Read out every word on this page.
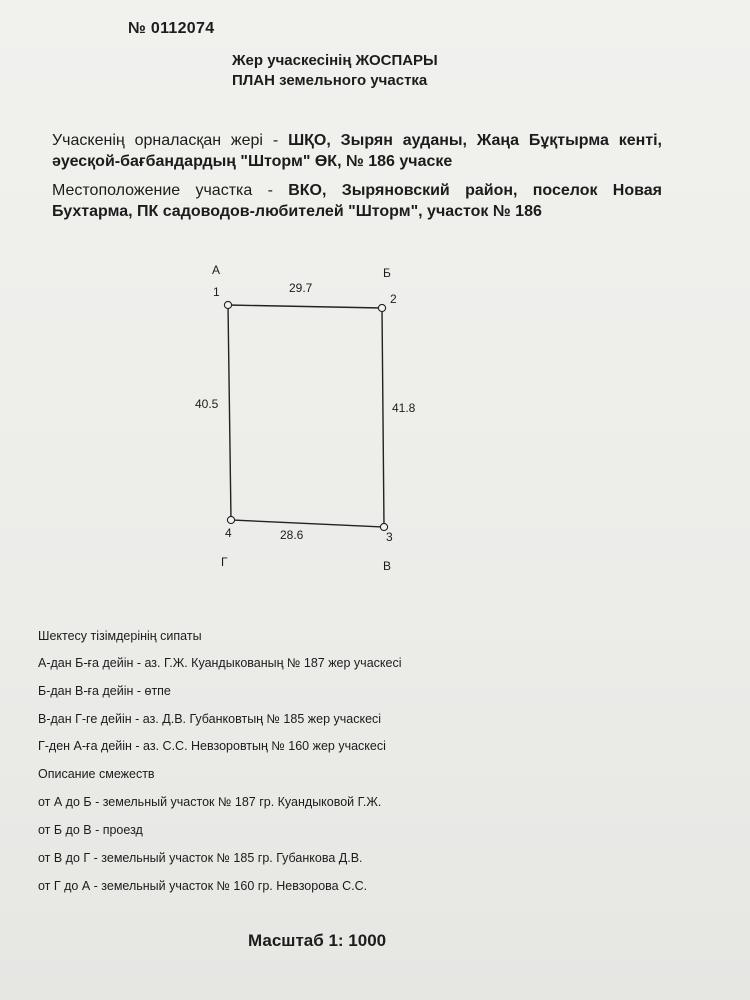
№ 0112074
Жер учаскесінің ЖОСПАРЫ
ПЛАН земельного участка
Учаскенің орналасқан жері - ШҚО, Зырян ауданы, Жаңа Бұқтырма кенті, әуесқой-бағбандардың "Шторм" ӨК, № 186 учаске
Местоположение участка - ВКО, Зыряновский район, поселок Новая Бухтарма, ПК садоводов-любителей "Шторм", участок № 186
А
1
Б
2
3
В
4
Г
29.7
41.8
28.6
40.5
Шектесу тізімдерінің сипаты
А-дан Б-ға дейін - аз. Г.Ж. Куандыкованың № 187 жер учаскесі
Б-дан В-ға дейін - өтпе
В-дан Г-ге дейін - аз. Д.В. Губанковтың № 185 жер учаскесі
Г-ден А-ға дейін - аз. С.С. Невзоровтың № 160 жер учаскесі
Описание смежеств
от А до Б - земельный участок № 187 гр. Куандыковой Г.Ж.
от Б до В - проезд
от В до Г - земельный участок № 185 гр. Губанкова Д.В.
от Г до А - земельный участок № 160 гр. Невзорова С.С.
Масштаб 1: 1000
